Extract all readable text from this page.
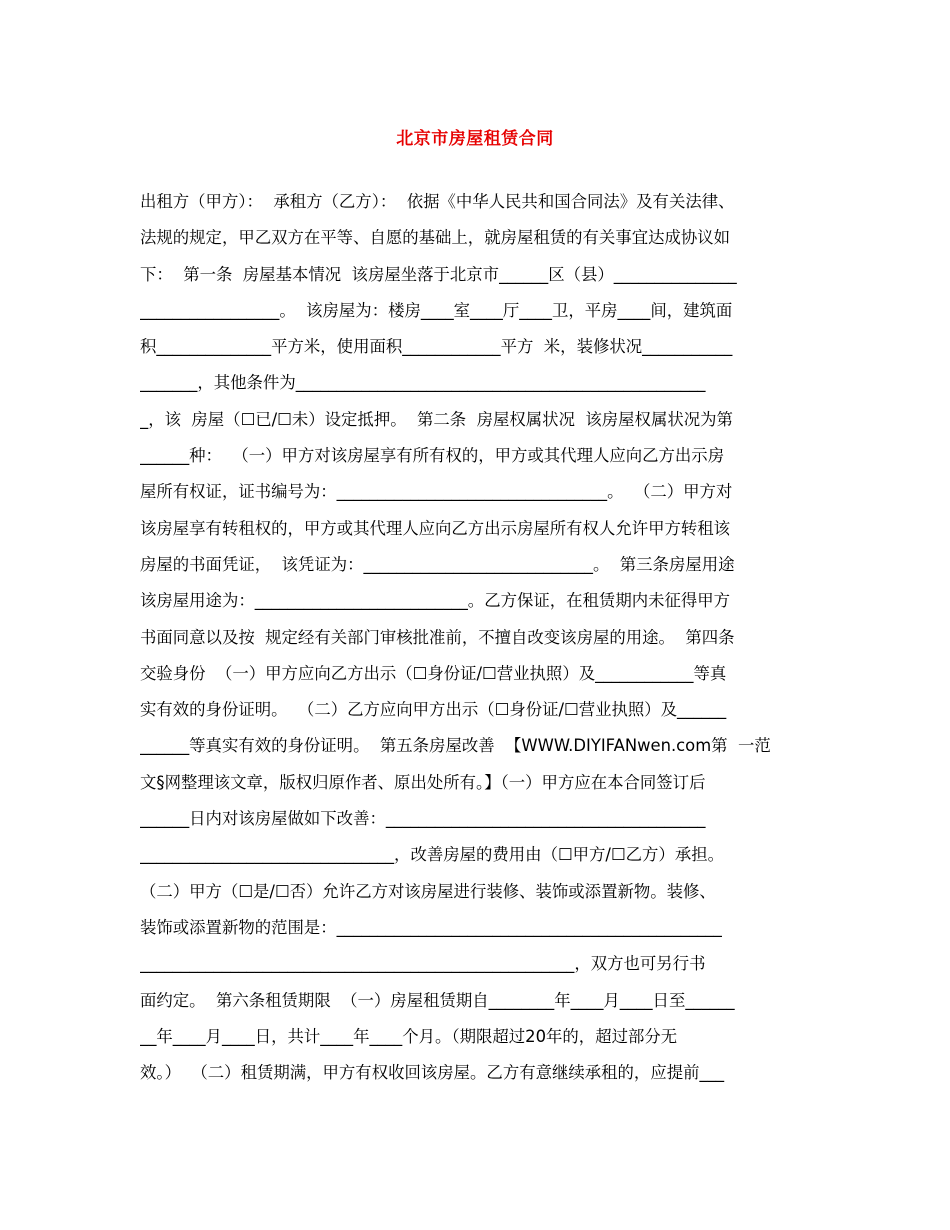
北京市房屋租赁合同
出租方（甲方）：  承租方（乙方）：  依据《中华人民共和国合同法》及有关法律、
法规的规定，甲乙双方在平等、自愿的基础上，就房屋租赁的有关事宜达成协议如
下：  第一条  房屋基本情况  该房屋坐落于北京市______区（县）_______________
_________________。  该房屋为：楼房____室____厅____卫，平房____间，建筑面
积______________平方米，使用面积____________平方  米，装修状况___________
_______，其他条件为__________________________________________________
_，该  房屋（☐已/☐未）设定抵押。  第二条  房屋权属状况  该房屋权属状况为第
______种：  （一）甲方对该房屋享有所有权的，甲方或其代理人应向乙方出示房
屋所有权证，证书编号为：_________________________________。  （二）甲方对
该房屋享有转租权的，甲方或其代理人应向乙方出示房屋所有权人允许甲方转租该
房屋的书面凭证，  该凭证为：____________________________。  第三条房屋用途
该房屋用途为：__________________________。乙方保证，在租赁期内未征得甲方
书面同意以及按  规定经有关部门审核批准前，不擅自改变该房屋的用途。  第四条
交验身份  （一）甲方应向乙方出示（☐身份证/☐营业执照）及____________等真
实有效的身份证明。  （二）乙方应向甲方出示（☐身份证/☐营业执照）及______
______等真实有效的身份证明。  第五条房屋改善  【WWW.DIYIFANwen.com第  一范
文§网整理该文章，版权归原作者、原出处所有。】（一）甲方应在本合同签订后
______日内对该房屋做如下改善：_______________________________________
_______________________________，改善房屋的费用由（☐甲方/☐乙方）承担。
（二）甲方（☐是/☐否）允许乙方对该房屋进行装修、装饰或添置新物。装修、
装饰或添置新物的范围是：_______________________________________________
_____________________________________________________，双方也可另行书
面约定。  第六条租赁期限  （一）房屋租赁期自________年____月____日至______
__年____月____日，共计____年____个月。（期限超过20年的，超过部分无
效。）  （二）租赁期满，甲方有权收回该房屋。乙方有意继续承租的，应提前___
